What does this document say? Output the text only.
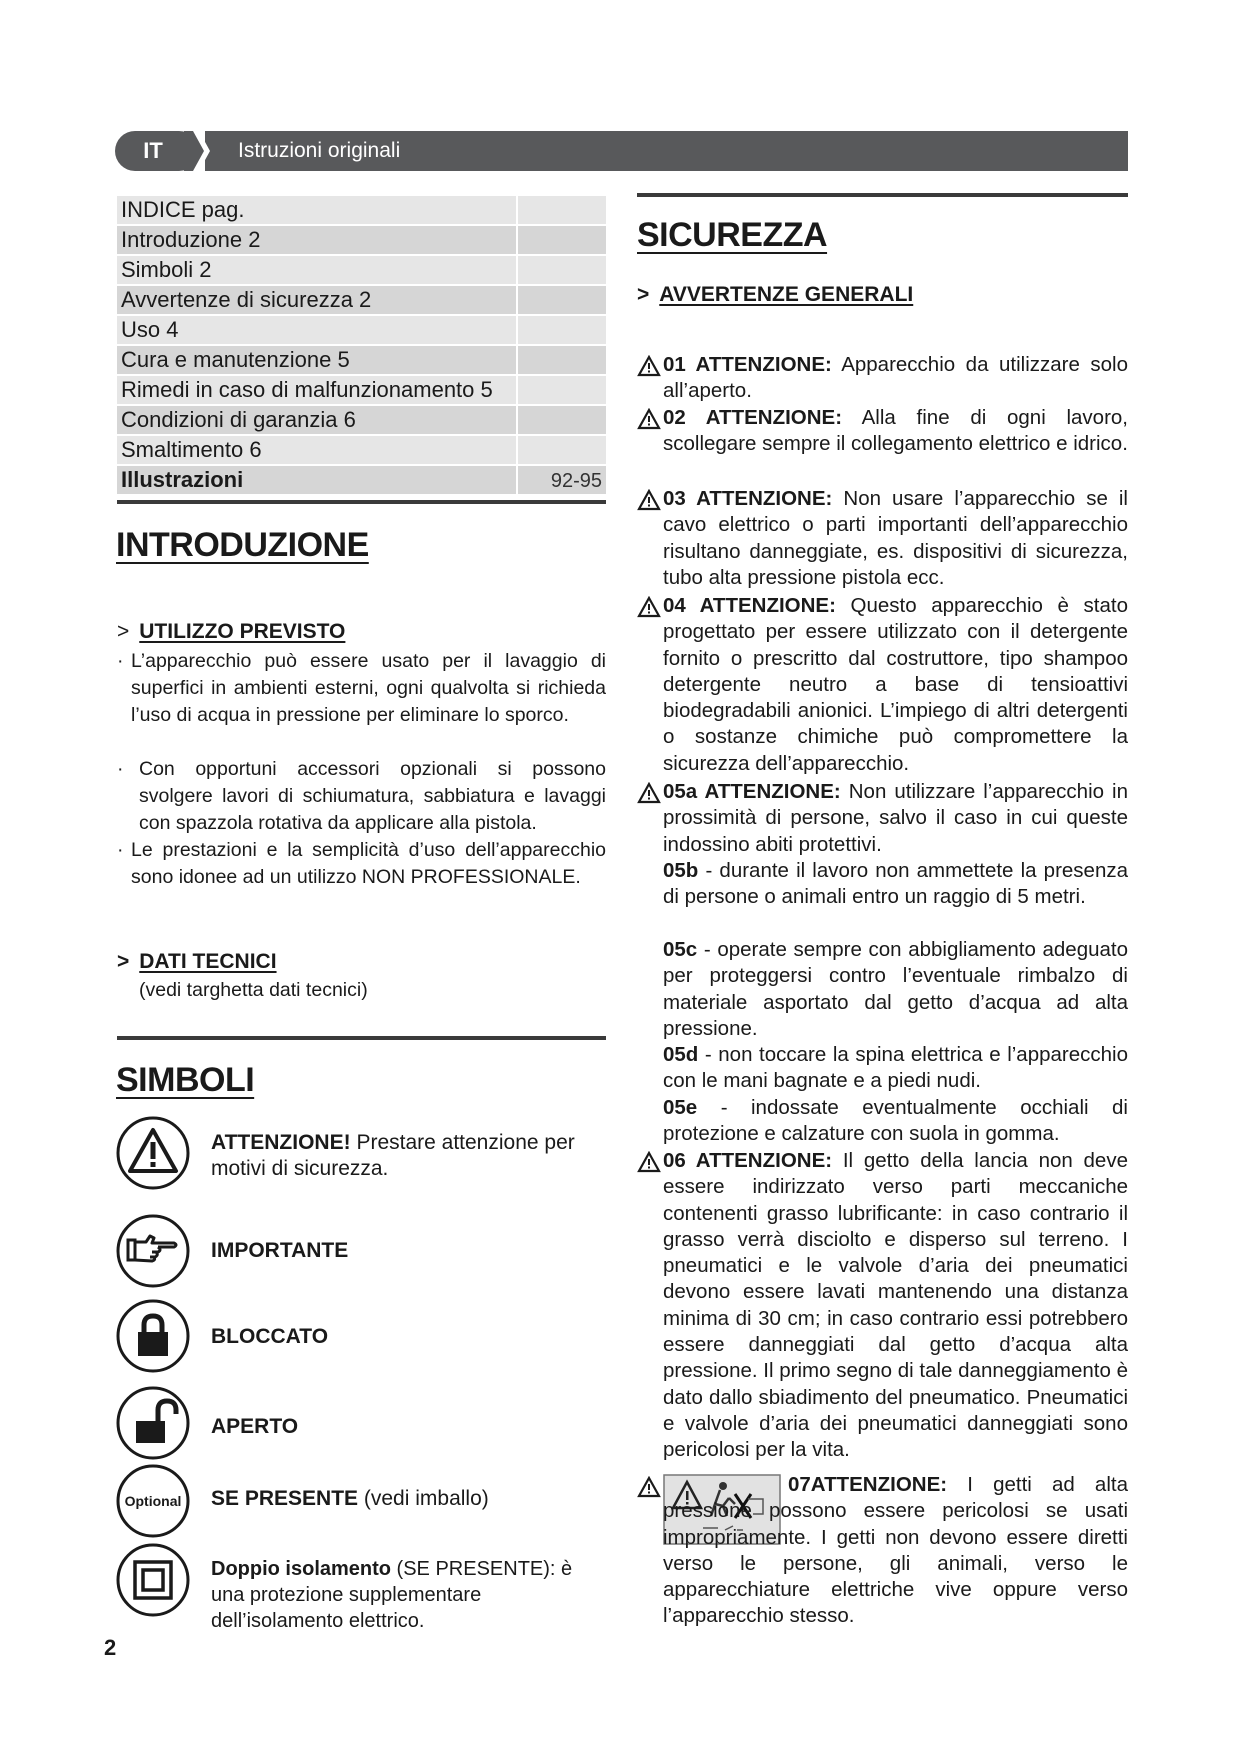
IT	Istruzioni originali
INDICE pag.
Introduzione 2
Simboli 2
Avvertenze di sicurezza 2
Uso 4
Cura e manutenzione 5
Rimedi in caso di malfunzionamento 5
Condizioni di garanzia 6
Smaltimento 6
Illustrazioni	92-95
INTRODUZIONE
> UTILIZZO PREVISTO
· L’apparecchio può essere usato per il lavaggio di superfici in ambienti esterni, ogni qualvolta si richieda l’uso di acqua in pressione per eliminare lo sporco.
· Con opportuni accessori opzionali si possono svolgere lavori di schiumatura, sabbiatura e lavaggi con spazzola rotativa da applicare alla pistola.
· Le prestazioni e la semplicità d’uso dell’apparecchio sono idonee ad un utilizzo NON PROFESSIONALE.
> DATI TECNICI
(vedi targhetta dati tecnici)
SIMBOLI
ATTENZIONE! Prestare attenzione per motivi di sicurezza.
IMPORTANTE
BLOCCATO
APERTO
Optional SE PRESENTE (vedi imballo)
Doppio isolamento (SE PRESENTE): è una protezione supplementare dell’isolamento elettrico.
SICUREZZA
> AVVERTENZE GENERALI
01 ATTENZIONE: Apparecchio da utilizzare solo all’aperto.
02 ATTENZIONE: Alla fine di ogni lavoro, scollegare sempre il collegamento elettrico e idrico.
03 ATTENZIONE: Non usare l’apparecchio se il cavo elettrico o parti importanti dell’apparecchio risultano danneggiate, es. dispositivi di sicurezza, tubo alta pressione pistola ecc.
04 ATTENZIONE: Questo apparecchio è stato progettato per essere utilizzato con il detergente fornito o prescritto dal costruttore, tipo shampoo detergente neutro a base di tensioattivi biodegradabili anionici. L’impiego di altri detergenti o sostanze chimiche può compromettere la sicurezza dell’apparecchio.
05a ATTENZIONE: Non utilizzare l’apparecchio in prossimità di persone, salvo il caso in cui queste indossino abiti protettivi.
05b - durante il lavoro non ammettete la presenza di persone o animali entro un raggio di 5 metri.
05c - operate sempre con abbigliamento adeguato per proteggersi contro l’eventuale rimbalzo di materiale asportato dal getto d’acqua ad alta pressione.
05d - non toccare la spina elettrica e l’apparecchio con le mani bagnate e a piedi nudi.
05e - indossate eventualmente occhiali di protezione e calzature con suola in gomma.
06 ATTENZIONE: Il getto della lancia non deve essere indirizzato verso parti meccaniche contenenti grasso lubrificante: in caso contrario il grasso verrà disciolto e disperso sul terreno. I pneumatici e le valvole d’aria dei pneumatici devono essere lavati mantenendo una distanza minima di 30 cm; in caso contrario essi potrebbero essere danneggiati dal getto d’acqua alta pressione. Il primo segno di tale danneggiamento è dato dallo sbiadimento del pneumatico. Pneumatici e valvole d’aria dei pneumatici danneggiati sono pericolosi per la vita.
07ATTENZIONE: I getti ad alta pressione possono essere pericolosi se usati impropriamente. I getti non devono essere diretti verso le persone, gli animali, verso le apparecchiature elettriche vive oppure verso l’apparecchio stesso.
2
